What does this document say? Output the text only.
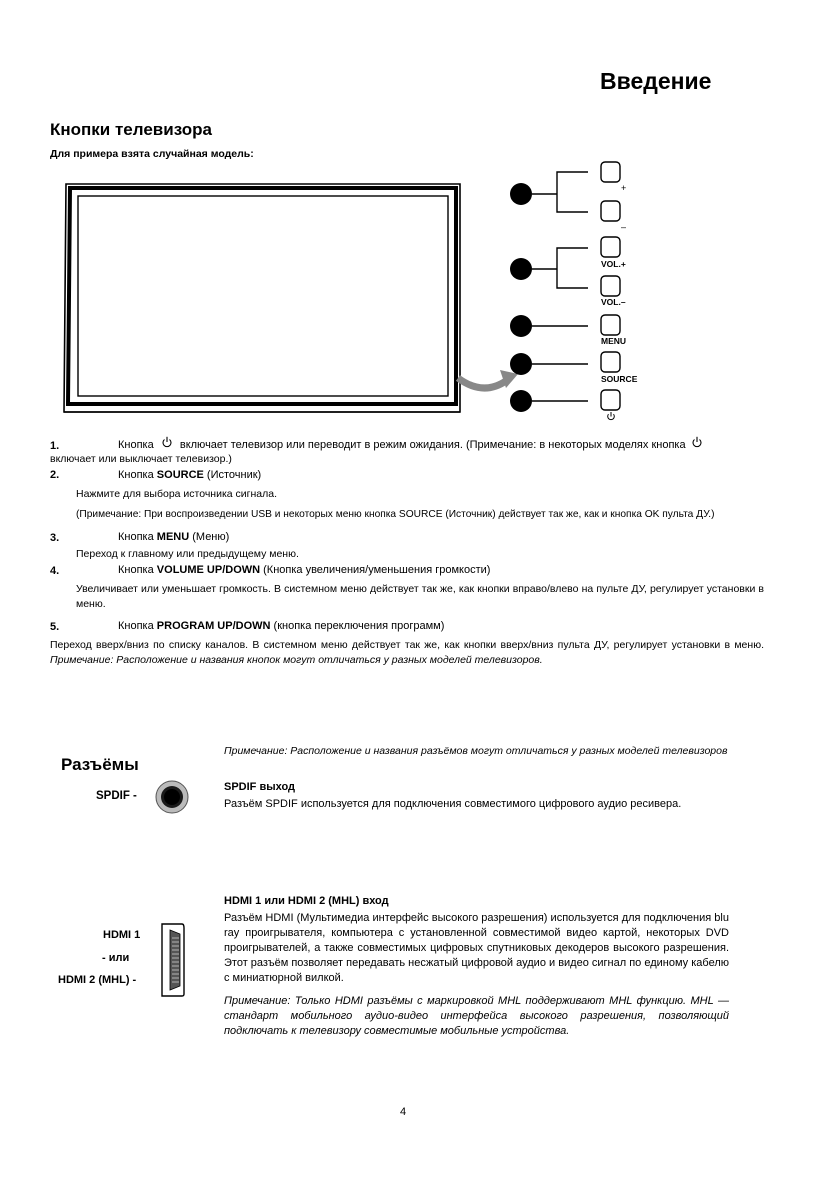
Введение
Кнопки телевизора
Для примера взята случайная модель:
+
–
VOL.+
VOL.–
MENU
SOURCE
1.	Кнопка  включает телевизор или переводит в режим ожидания. (Примечание: в некоторых моделях кнопка
включает или выключает телевизор.)
2.	Кнопка SOURCE (Источник)
Нажмите для выбора источника сигнала.
(Примечание: При воспроизведении USB и некоторых меню кнопка SOURCE (Источник) действует так же, как и кнопка OK пульта ДУ.)
3.	Кнопка MENU (Меню)
Переход к главному или предыдущему меню.
4.	Кнопка VOLUME UP/DOWN (Кнопка увеличения/уменьшения громкости)
Увеличивает или уменьшает громкость. В системном меню действует так же, как кнопки вправо/влево на пульте ДУ, регулирует установки в меню.
5.	Кнопка PROGRAM UP/DOWN (кнопка переключения программ)
Переход вверх/вниз по списку каналов. В системном меню действует так же, как кнопки вверх/вниз пульта ДУ, регулирует установки в меню. Примечание: Расположение и названия кнопок могут отличаться у разных моделей телевизоров.
Разъёмы
Примечание: Расположение и названия разъёмов могут отличаться у разных моделей телевизоров
SPDIF -
SPDIF выход
Разъём SPDIF используется для подключения совместимого цифрового аудио ресивера.
HDMI 1 или HDMI 2 (MHL) вход
Разъём HDMI (Мультимедиа интерфейс высокого разрешения) используется для подключения blu ray проигрывателя, компьютера с установленной совместимой видео картой, некоторых DVD проигрывателей, а также совместимых цифровых спутниковых декодеров высокого разрешения. Этот разъём позволяет передавать несжатый цифровой аудио и видео сигнал по единому кабелю с миниатюрной вилкой.
Примечание: Только HDMI разъёмы с маркировкой MHL поддерживают MHL функцию. MHL — стандарт мобильного аудио-видео интерфейса высокого разрешения, позволяющий подключать к телевизору совместимые мобильные устройства.
HDMI 1
- или
HDMI 2 (MHL) -
4
